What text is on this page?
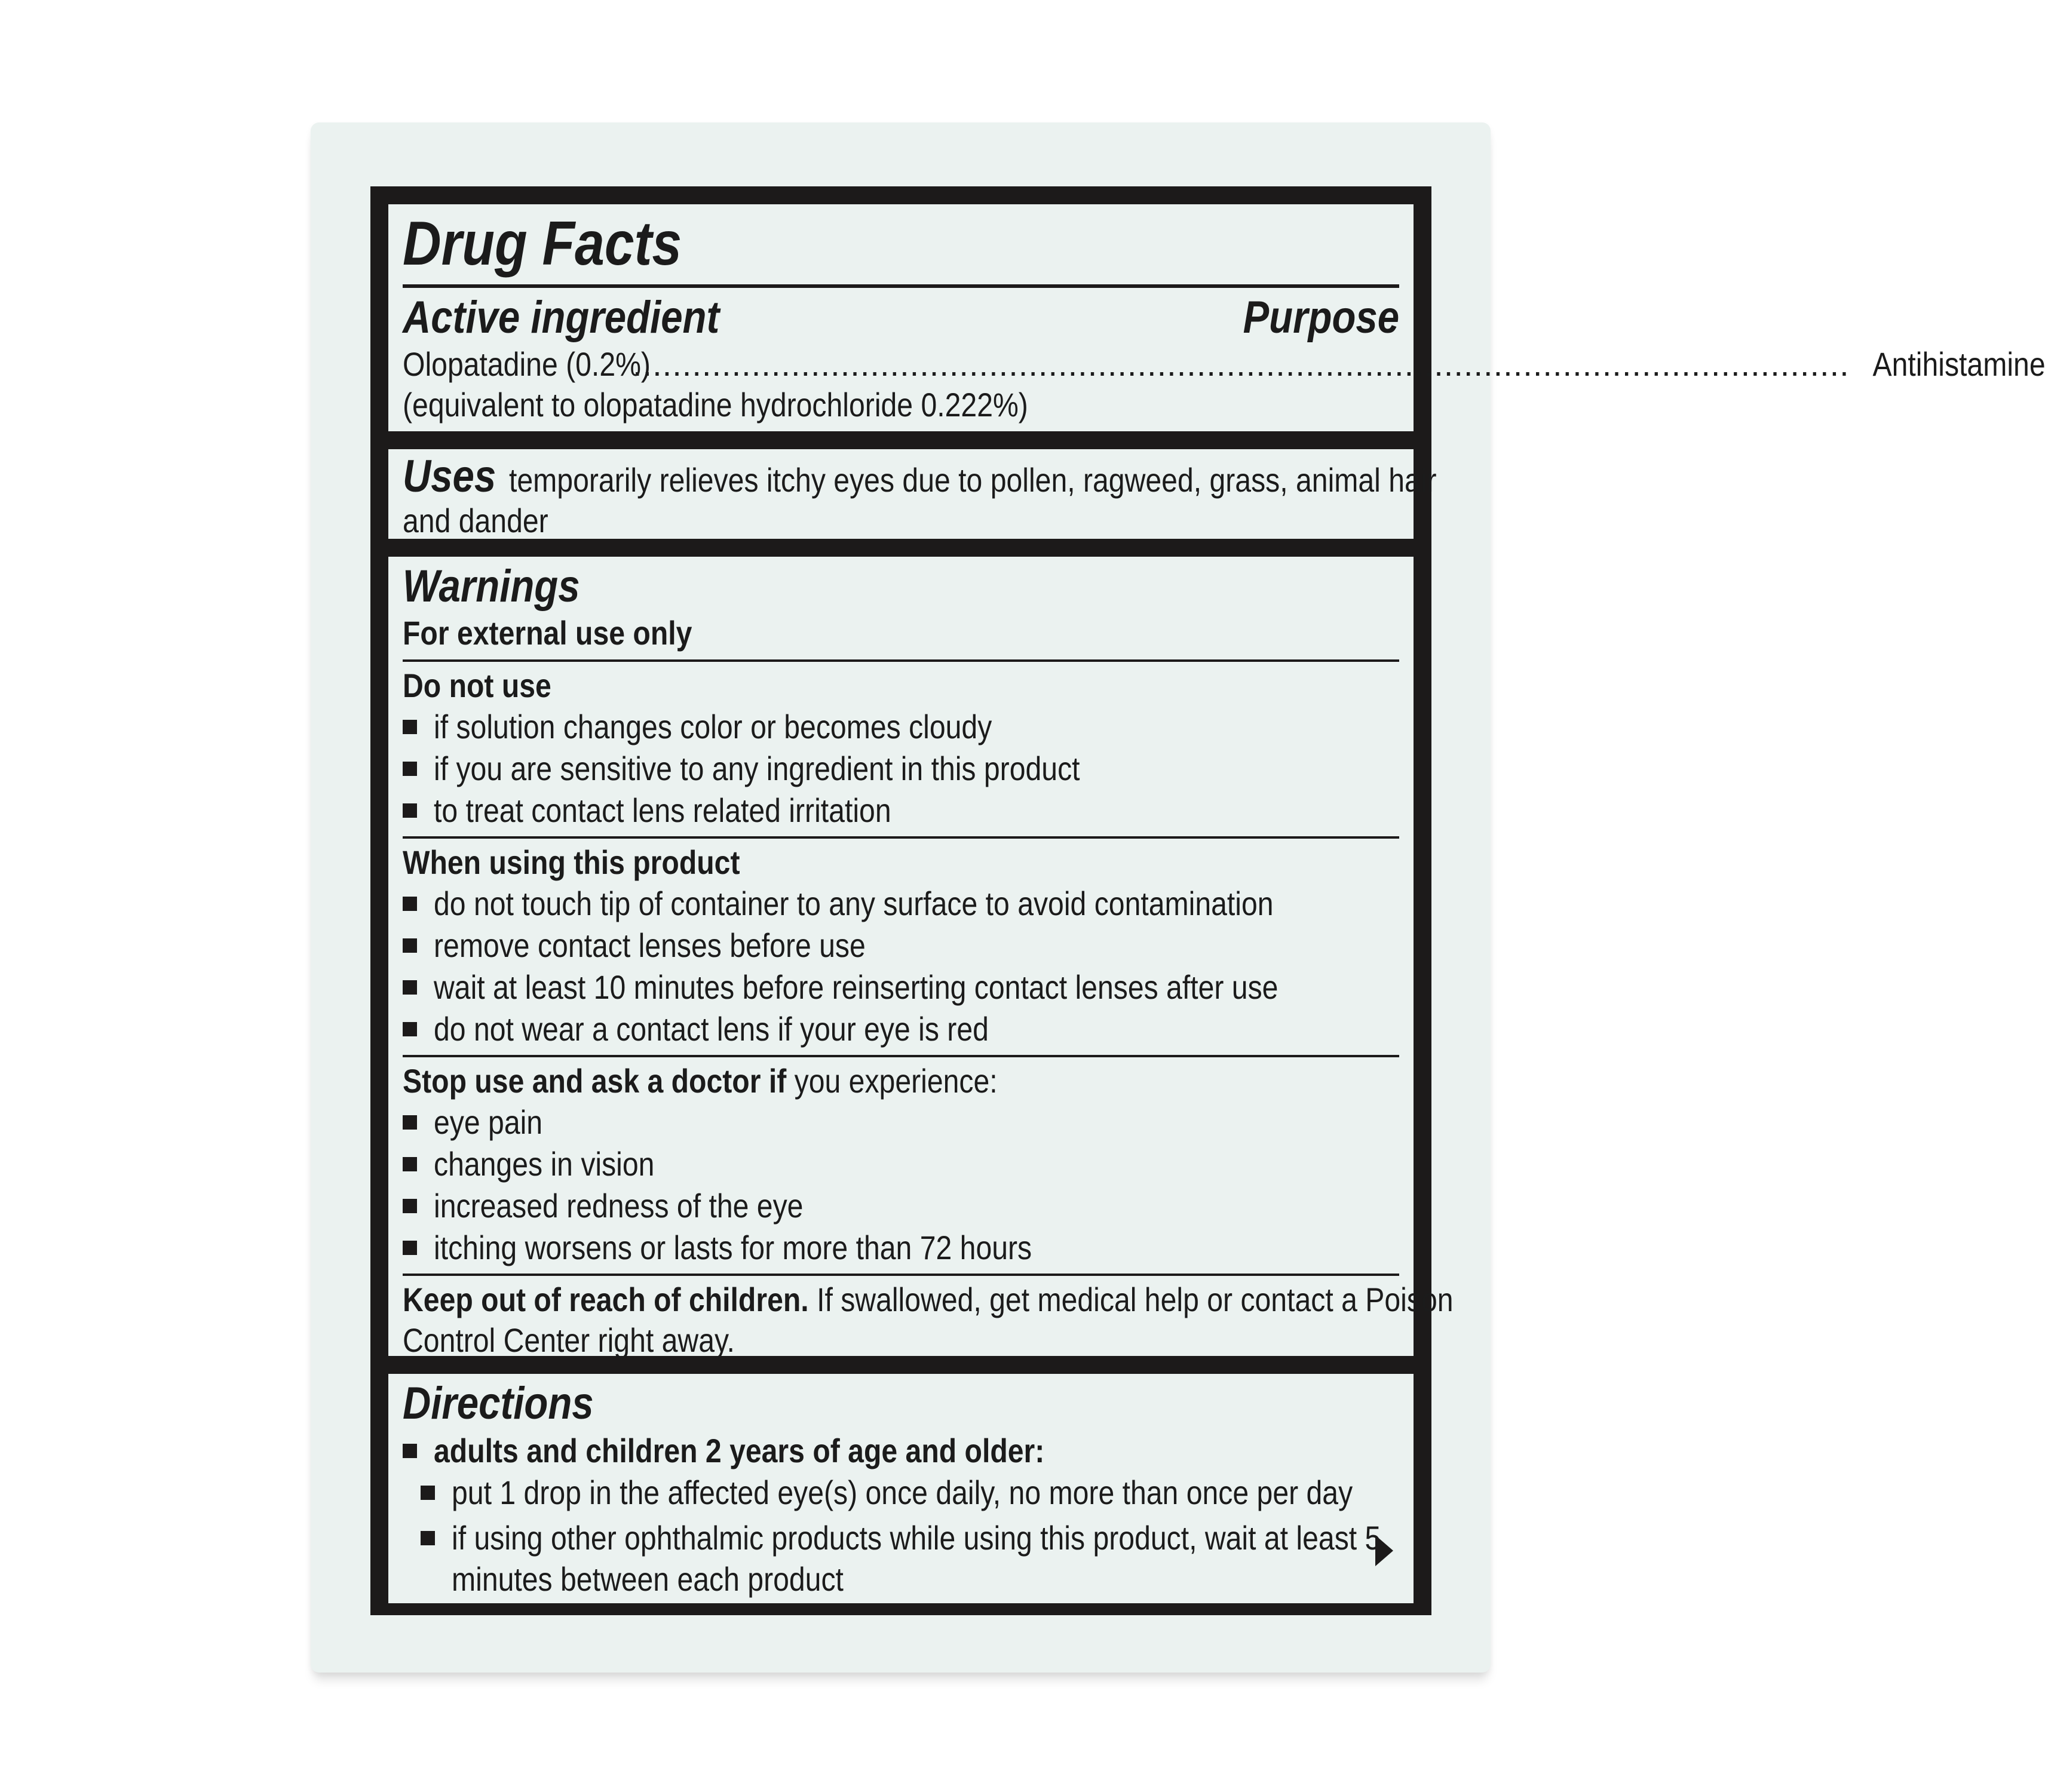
Drug Facts
Active ingredient	Purpose
Olopatadine (0.2%)
........................................................................................................................... Antihistamine
(equivalent to olopatadine hydrochloride 0.222%)
Uses temporarily relieves itchy eyes due to pollen, ragweed, grass, animal hair
and dander
Warnings
For external use only
Do not use
if solution changes color or becomes cloudy
if you are sensitive to any ingredient in this product
to treat contact lens related irritation
When using this product
do not touch tip of container to any surface to avoid contamination
remove contact lenses before use
wait at least 10 minutes before reinserting contact lenses after use
do not wear a contact lens if your eye is red
Stop use and ask a doctor if you experience:
eye pain
changes in vision
increased redness of the eye
itching worsens or lasts for more than 72 hours
Keep out of reach of children. If swallowed, get medical help or contact a Poison
Control Center right away.
Directions
adults and children 2 years of age and older:
put 1 drop in the affected eye(s) once daily, no more than once per day
if using other ophthalmic products while using this product, wait at least 5
minutes between each product
